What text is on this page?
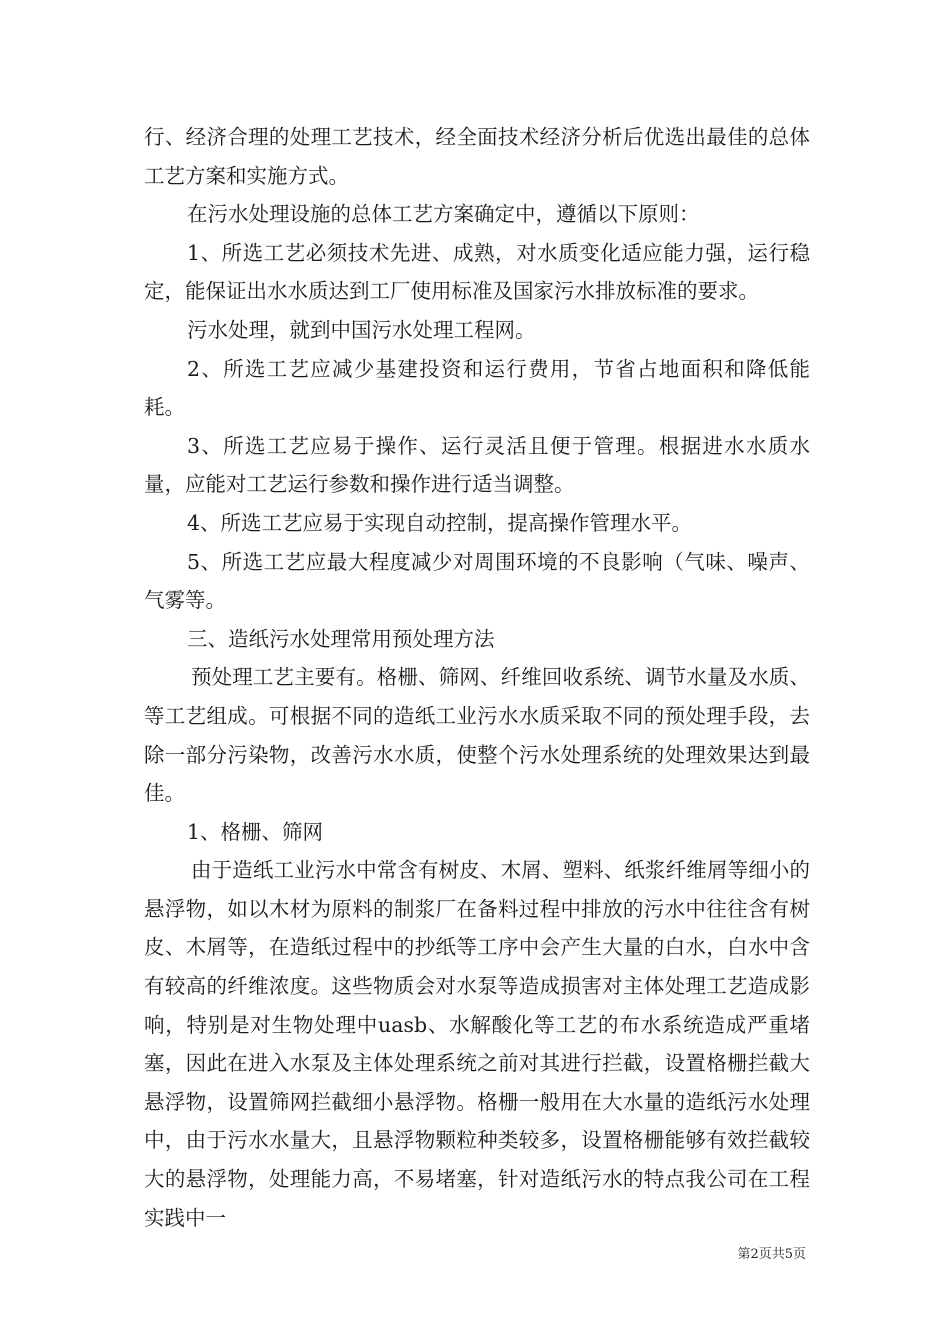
行、经济合理的处理工艺技术，经全面技术经济分析后优选出最佳的总体工艺方案和实施方式。

在污水处理设施的总体工艺方案确定中，遵循以下原则：

1、所选工艺必须技术先进、成熟，对水质变化适应能力强，运行稳定，能保证出水水质达到工厂使用标准及国家污水排放标准的要求。

污水处理，就到中国污水处理工程网。

2、所选工艺应减少基建投资和运行费用，节省占地面积和降低能耗。

3、所选工艺应易于操作、运行灵活且便于管理。根据进水水质水量，应能对工艺运行参数和操作进行适当调整。

4、所选工艺应易于实现自动控制，提高操作管理水平。

5、所选工艺应最大程度减少对周围环境的不良影响（气味、噪声、气雾等。

三、造纸污水处理常用预处理方法

预处理工艺主要有。格栅、筛网、纤维回收系统、调节水量及水质、等工艺组成。可根据不同的造纸工业污水水质采取不同的预处理手段，去除一部分污染物，改善污水水质，使整个污水处理系统的处理效果达到最佳。

1、格栅、筛网

由于造纸工业污水中常含有树皮、木屑、塑料、纸浆纤维屑等细小的悬浮物，如以木材为原料的制浆厂在备料过程中排放的污水中往往含有树皮、木屑等，在造纸过程中的抄纸等工序中会产生大量的白水，白水中含有较高的纤维浓度。这些物质会对水泵等造成损害对主体处理工艺造成影响，特别是对生物处理中uasb、水解酸化等工艺的布水系统造成严重堵塞，因此在进入水泵及主体处理系统之前对其进行拦截，设置格栅拦截大悬浮物，设置筛网拦截细小悬浮物。格栅一般用在大水量的造纸污水处理中，由于污水水量大，且悬浮物颗粒种类较多，设置格栅能够有效拦截较大的悬浮物，处理能力高，不易堵塞，针对造纸污水的特点我公司在工程实践中一

第2页共5页
